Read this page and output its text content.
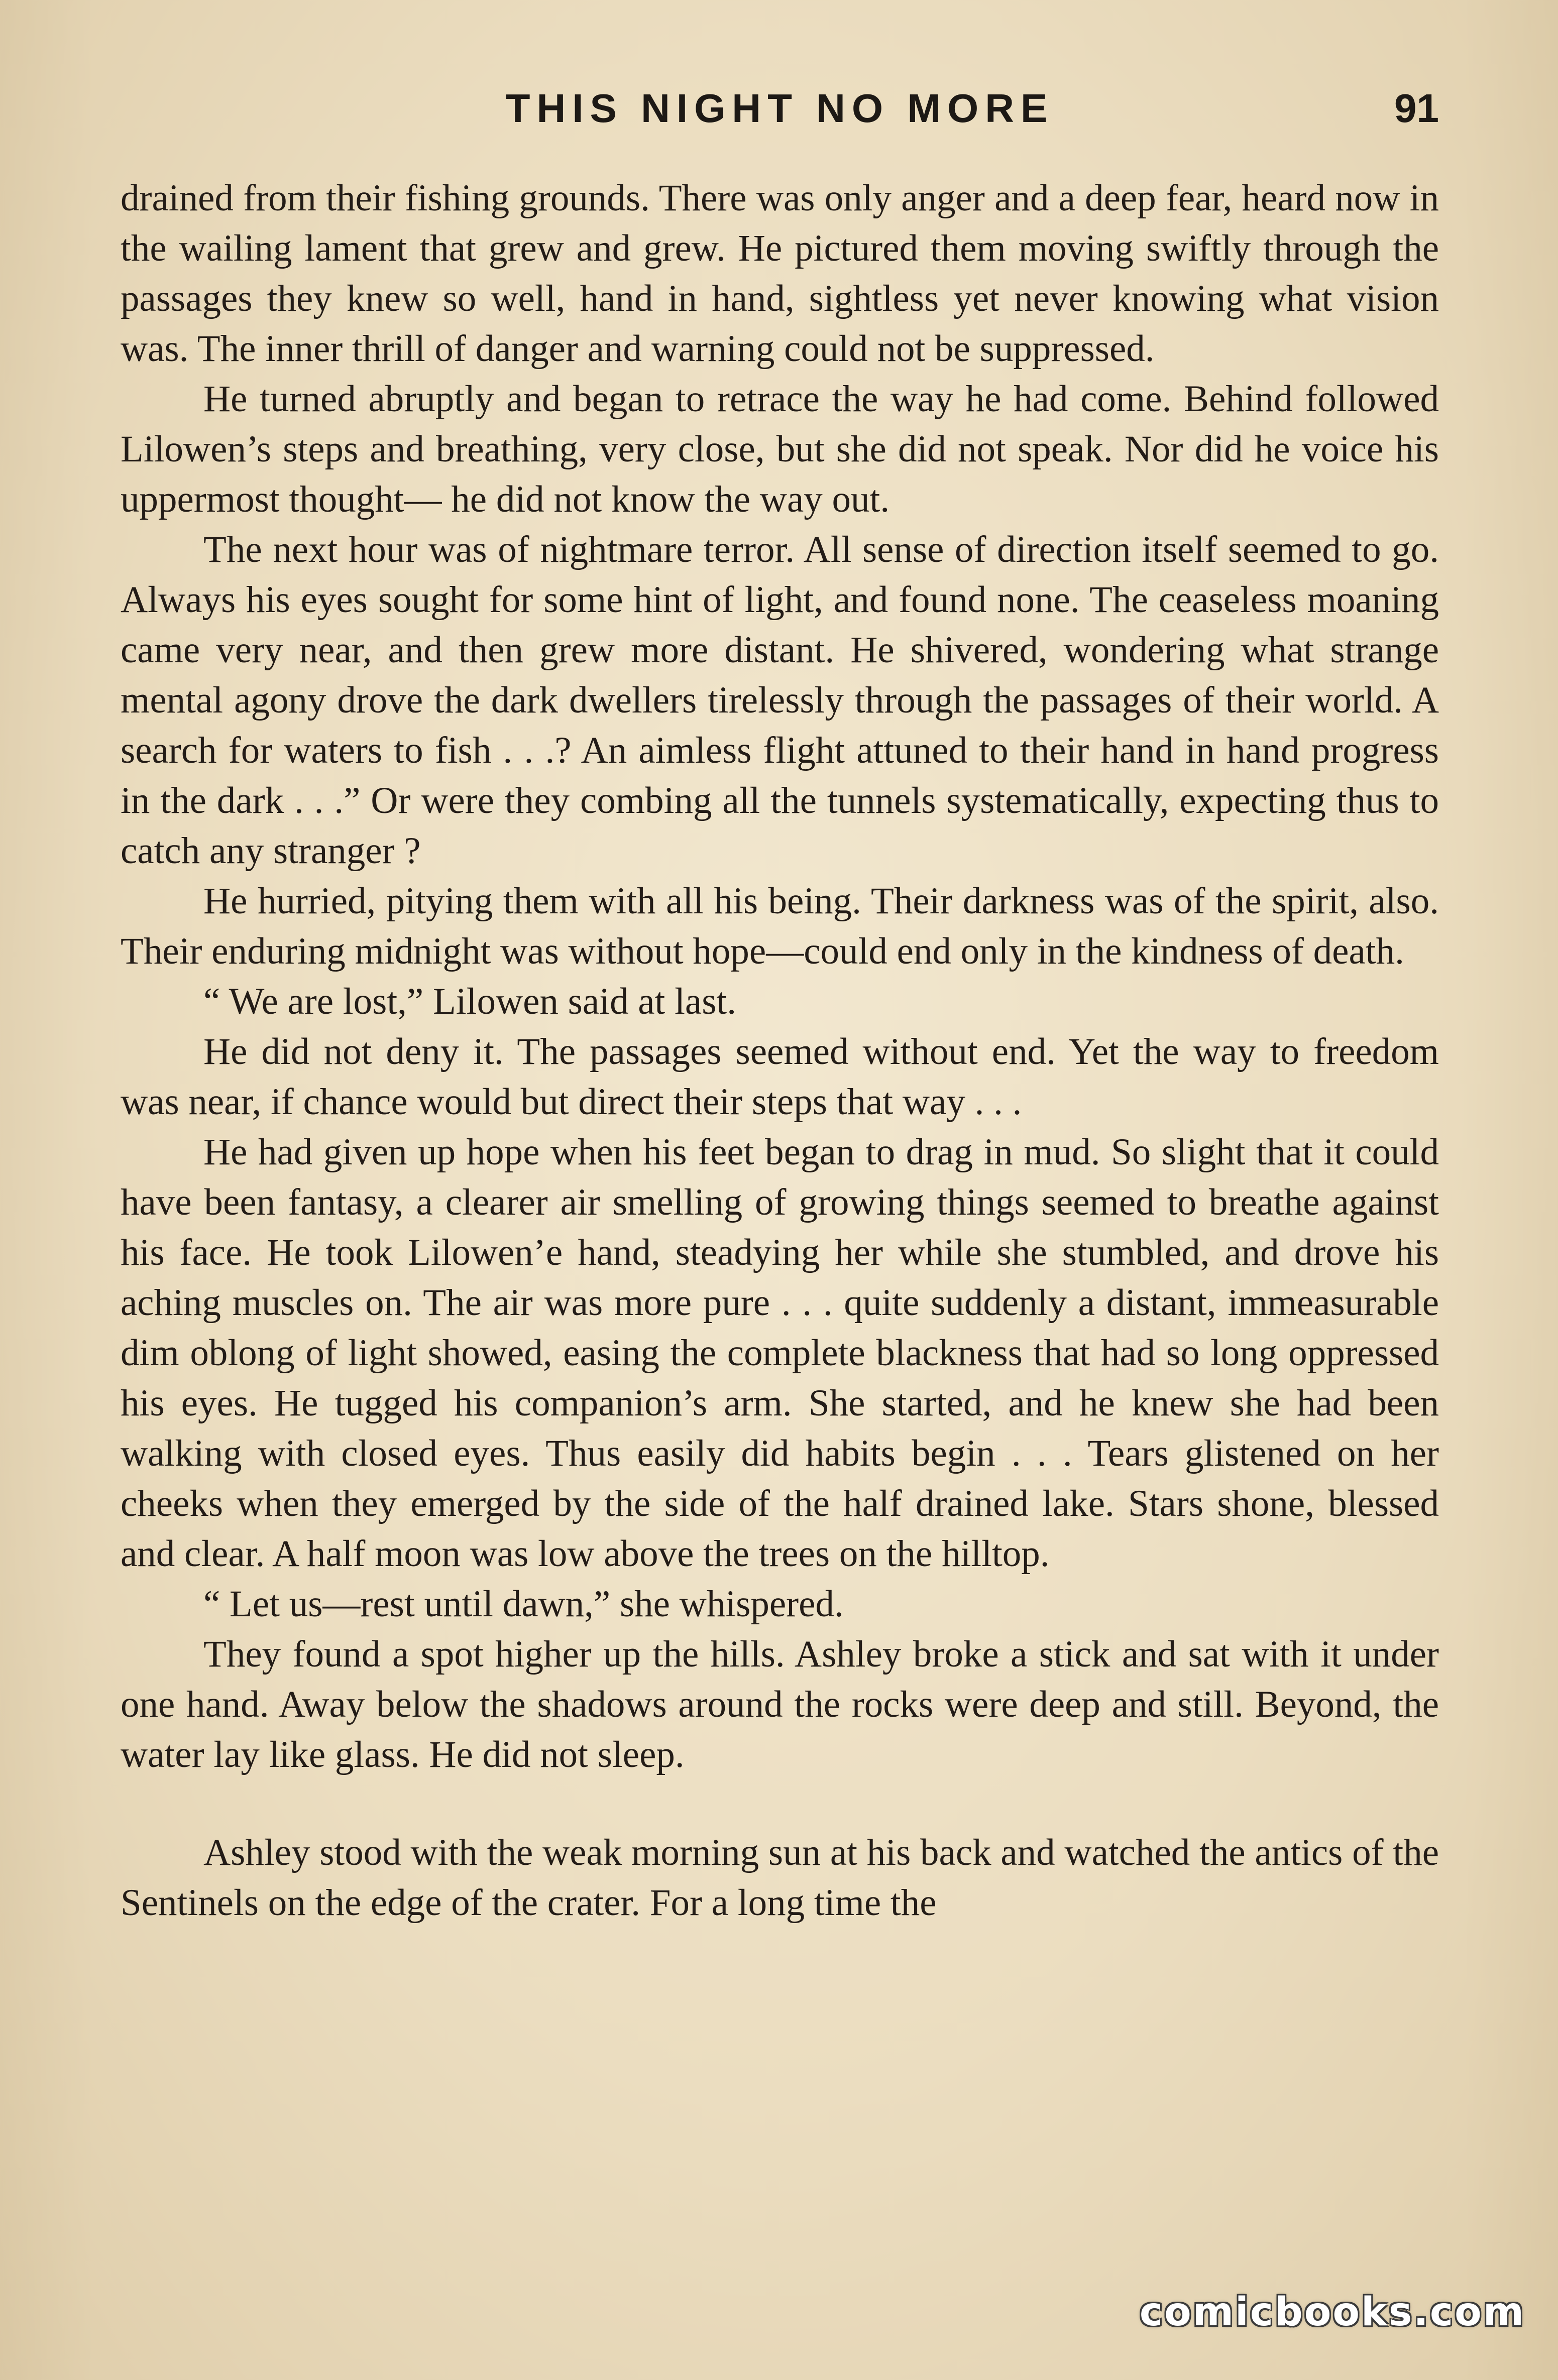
THIS NIGHT NO MORE	91

drained from their fishing grounds. There was only anger and a deep fear, heard now in the wailing lament that grew and grew. He pictured them moving swiftly through the passages they knew so well, hand in hand, sightless yet never knowing what vision was. The inner thrill of danger and warning could not be suppressed.

He turned abruptly and began to retrace the way he had come. Behind followed Lilowen’s steps and breathing, very close, but she did not speak. Nor did he voice his uppermost thought— he did not know the way out.

The next hour was of nightmare terror. All sense of direction itself seemed to go. Always his eyes sought for some hint of light, and found none. The ceaseless moaning came very near, and then grew more distant. He shivered, wondering what strange mental agony drove the dark dwellers tirelessly through the passages of their world. A search for waters to fish . . .? An aimless flight attuned to their hand in hand progress in the dark . . .” Or were they combing all the tunnels systematically, expecting thus to catch any stranger ?

He hurried, pitying them with all his being. Their darkness was of the spirit, also. Their enduring midnight was without hope—could end only in the kindness of death.

“ We are lost,” Lilowen said at last.

He did not deny it. The passages seemed without end. Yet the way to freedom was near, if chance would but direct their steps that way . . .

He had given up hope when his feet began to drag in mud. So slight that it could have been fantasy, a clearer air smelling of growing things seemed to breathe against his face. He took Lilowen’e hand, steadying her while she stumbled, and drove his aching muscles on. The air was more pure . . . quite suddenly a distant, immeasurable dim oblong of light showed, easing the complete blackness that had so long oppressed his eyes. He tugged his companion’s arm. She started, and he knew she had been walking with closed eyes. Thus easily did habits begin . . . Tears glistened on her cheeks when they emerged by the side of the half drained lake. Stars shone, blessed and clear. A half moon was low above the trees on the hilltop.

“ Let us—rest until dawn,” she whispered.

They found a spot higher up the hills. Ashley broke a stick and sat with it under one hand. Away below the shadows around the rocks were deep and still. Beyond, the water lay like glass. He did not sleep.

Ashley stood with the weak morning sun at his back and watched the antics of the Sentinels on the edge of the crater. For a long time the

comicbooks.com
